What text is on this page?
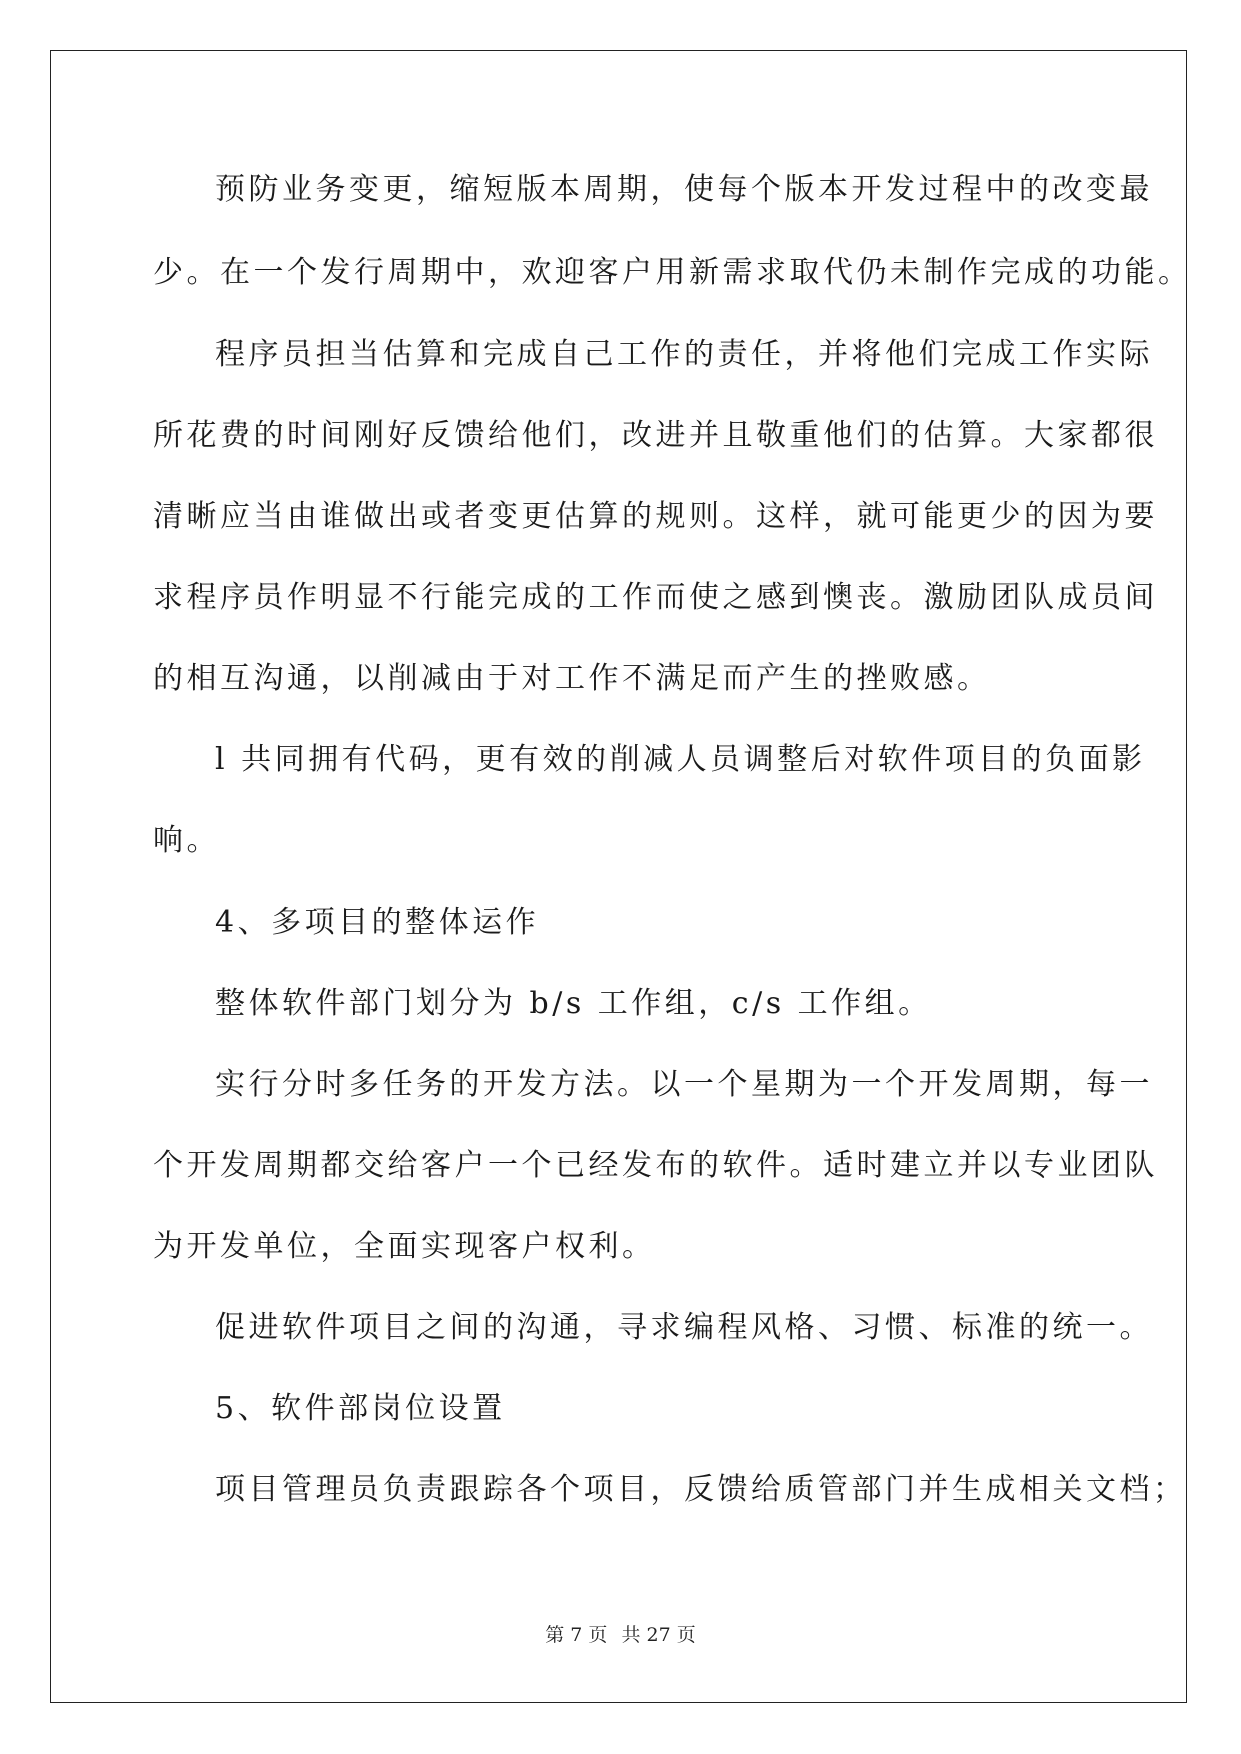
预防业务变更，缩短版本周期，使每个版本开发过程中的改变最
少。在一个发行周期中，欢迎客户用新需求取代仍未制作完成的功能。
程序员担当估算和完成自己工作的责任，并将他们完成工作实际
所花费的时间刚好反馈给他们，改进并且敬重他们的估算。大家都很
清晰应当由谁做出或者变更估算的规则。这样，就可能更少的因为要
求程序员作明显不行能完成的工作而使之感到懊丧。激励团队成员间
的相互沟通，以削减由于对工作不满足而产生的挫败感。
l 共同拥有代码，更有效的削减人员调整后对软件项目的负面影
响。
4、多项目的整体运作
整体软件部门划分为 b/s 工作组，c/s 工作组。
实行分时多任务的开发方法。以一个星期为一个开发周期，每一
个开发周期都交给客户一个已经发布的软件。适时建立并以专业团队
为开发单位，全面实现客户权利。
促进软件项目之间的沟通，寻求编程风格、习惯、标准的统一。
5、软件部岗位设置
项目管理员负责跟踪各个项目，反馈给质管部门并生成相关文档；
第 7 页 共 27 页
